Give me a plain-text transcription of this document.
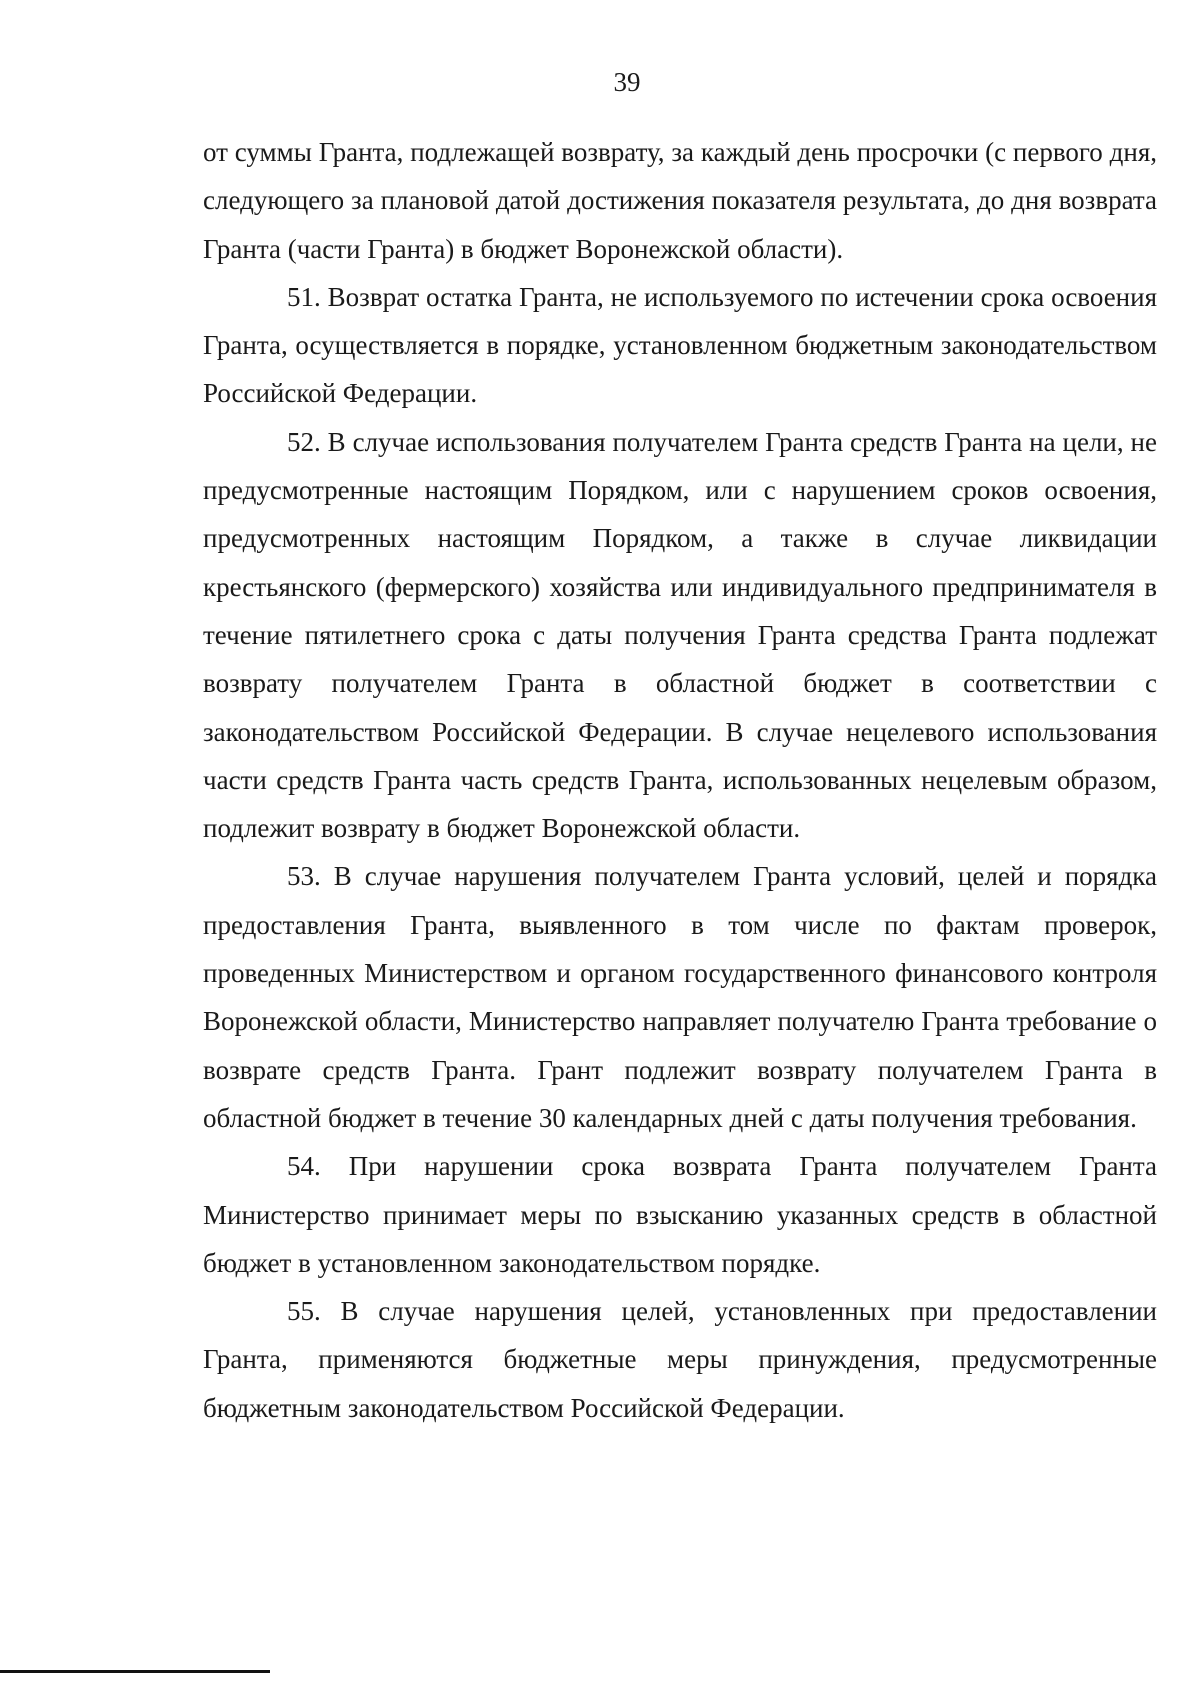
39

от суммы Гранта, подлежащей возврату, за каждый день просрочки (с первого дня, следующего за плановой датой достижения показателя результата, до дня возврата Гранта (части Гранта) в бюджет Воронежской области).

51. Возврат остатка Гранта, не используемого по истечении срока освоения Гранта, осуществляется в порядке, установленном бюджетным законодательством Российской Федерации.

52. В случае использования получателем Гранта средств Гранта на цели, не предусмотренные настоящим Порядком, или с нарушением сроков освоения, предусмотренных настоящим Порядком, а также в случае ликвидации крестьянского (фермерского) хозяйства или индивидуального предпринимателя в течение пятилетнего срока с даты получения Гранта средства Гранта подлежат возврату получателем Гранта в областной бюджет в соответствии с законодательством Российской Федерации. В случае нецелевого использования части средств Гранта часть средств Гранта, использованных нецелевым образом, подлежит возврату в бюджет Воронежской области.

53. В случае нарушения получателем Гранта условий, целей и порядка предоставления Гранта, выявленного в том числе по фактам проверок, проведенных Министерством и органом государственного финансового контроля Воронежской области, Министерство направляет получателю Гранта требование о возврате средств Гранта. Грант подлежит возврату получателем Гранта в областной бюджет в течение 30 календарных дней с даты получения требования.

54. При нарушении срока возврата Гранта получателем Гранта Министерство принимает меры по взысканию указанных средств в областной бюджет в установленном законодательством порядке.

55. В случае нарушения целей, установленных при предоставлении Гранта, применяются бюджетные меры принуждения, предусмотренные бюджетным законодательством Российской Федерации.
